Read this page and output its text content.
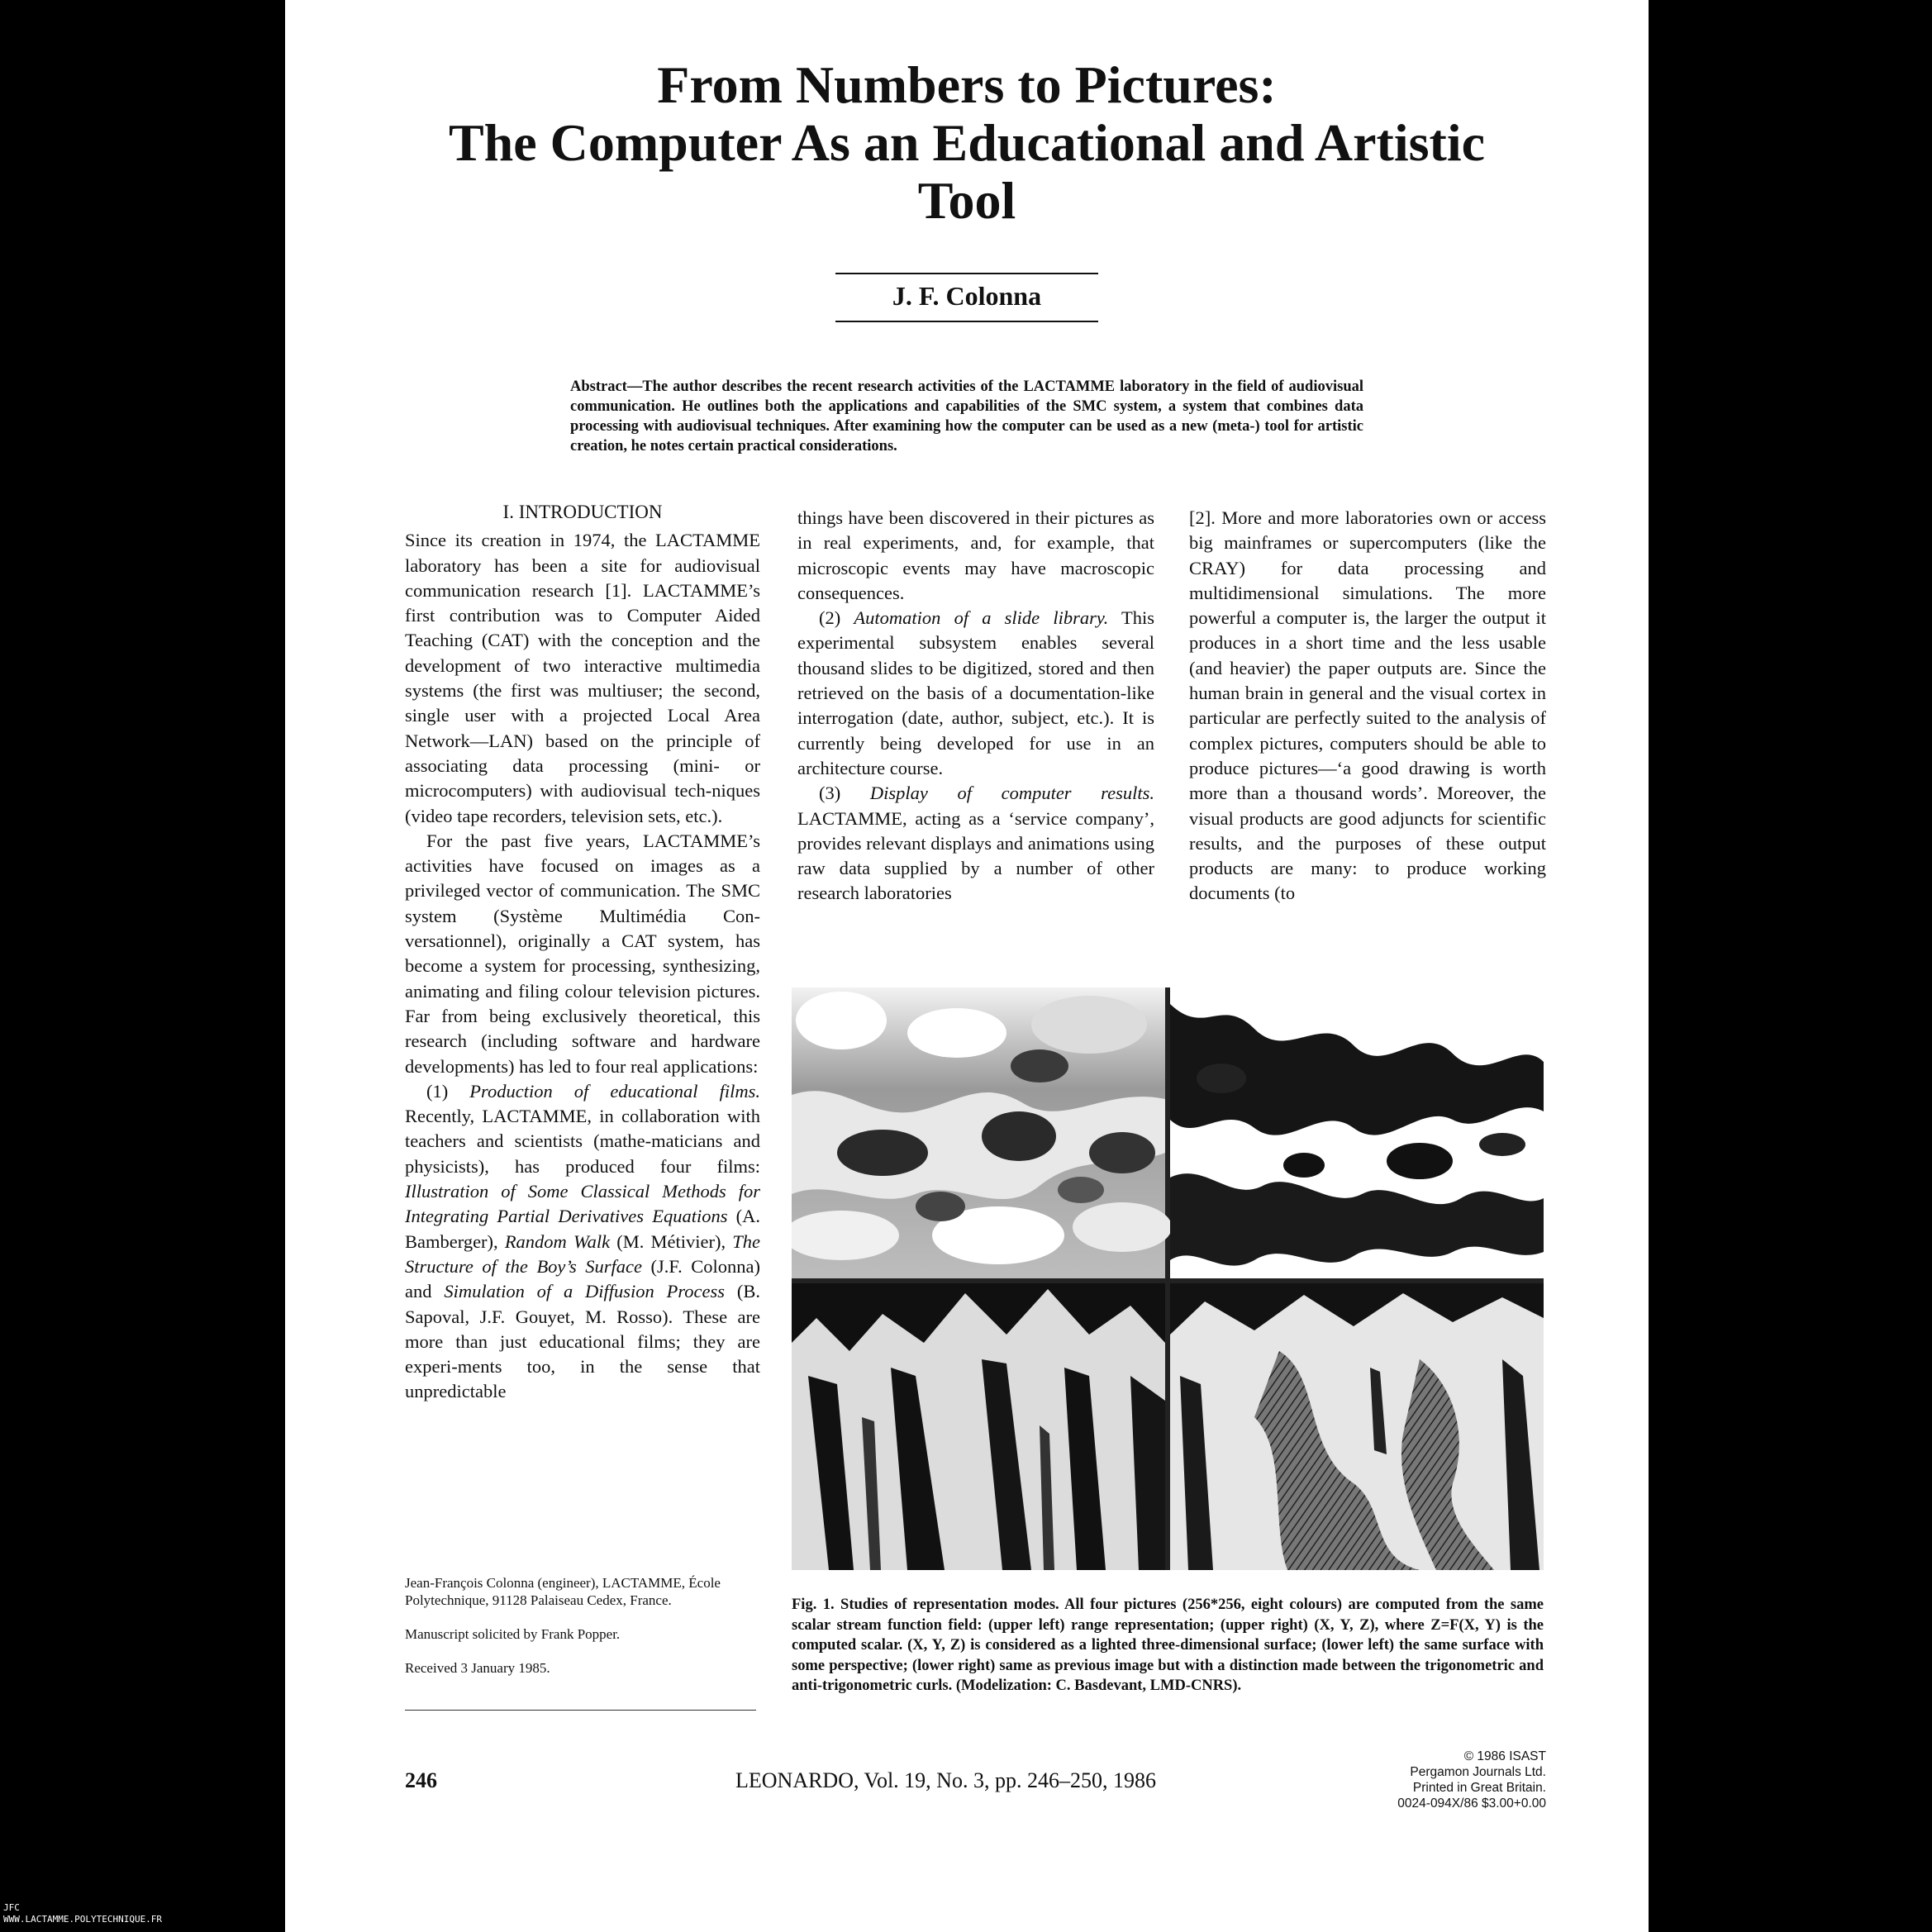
From Numbers to Pictures:
The Computer As an Educational and Artistic
Tool
J. F. Colonna
Abstract—The author describes the recent research activities of the LACTAMME laboratory in the field of audiovisual communication. He outlines both the applications and capabilities of the SMC system, a system that combines data processing with audiovisual techniques. After examining how the computer can be used as a new (meta-) tool for artistic creation, he notes certain practical considerations.
I. INTRODUCTION

Since its creation in 1974, the LACTAMME laboratory has been a site for audiovisual communication research [1]. LACTAMME’s first contribution was to Computer Aided Teaching (CAT) with the conception and the development of two interactive multimedia systems (the first was multiuser; the second, single user with a projected Local Area Network—LAN) based on the principle of associating data processing (mini- or microcomputers) with audiovisual tech-niques (video tape recorders, television sets, etc.).

For the past five years, LACTAMME’s activities have focused on images as a privileged vector of communication. The SMC system (Système Multimédia Con-versationnel), originally a CAT system, has become a system for processing, synthesizing, animating and filing colour television pictures. Far from being exclusively theoretical, this research (including software and hardware developments) has led to four real applications:

(1) Production of educational films. Recently, LACTAMME, in collaboration with teachers and scientists (mathe-maticians and physicists), has produced four films: Illustration of Some Classical Methods for Integrating Partial Derivatives Equations (A. Bamberger), Random Walk (M. Métivier), The Structure of the Boy’s Surface (J.F. Colonna) and Simulation of a Diffusion Process (B. Sapoval, J.F. Gouyet, M. Rosso). These are more than just educational films; they are experi-ments too, in the sense that unpredictable

things have been discovered in their pictures as in real experiments, and, for example, that microscopic events may have macroscopic consequences.

(2) Automation of a slide library. This experimental subsystem enables several thousand slides to be digitized, stored and then retrieved on the basis of a documentation-like interrogation (date, author, subject, etc.). It is currently being developed for use in an architecture course.

(3) Display of computer results. LACTAMME, acting as a ‘service company’, provides relevant displays and animations using raw data supplied by a number of other research laboratories

[2]. More and more laboratories own or access big mainframes or supercomputers (like the CRAY) for data processing and multidimensional simulations. The more powerful a computer is, the larger the output it produces in a short time and the less usable (and heavier) the paper outputs are. Since the human brain in general and the visual cortex in particular are perfectly suited to the analysis of complex pictures, computers should be able to produce pictures—‘a good drawing is worth more than a thousand words’. Moreover, the visual products are good adjuncts for scientific results, and the purposes of these output products are many: to produce working documents (to

Fig. 1. Studies of representation modes. All four pictures (256*256, eight colours) are computed from the same scalar stream function field: (upper left) range representation; (upper right) (X, Y, Z), where Z=F(X, Y) is the computed scalar. (X, Y, Z) is considered as a lighted three-dimensional surface; (lower left) the same surface with some perspective; (lower right) same as previous image but with a distinction made between the trigonometric and anti-trigonometric curls. (Modelization: C. Basdevant, LMD-CNRS).

Jean-François Colonna (engineer), LACTAMME, École Polytechnique, 91128 Palaiseau Cedex, France.

Manuscript solicited by Frank Popper.

Received 3 January 1985.

246	LEONARDO, Vol. 19, No. 3, pp. 246–250, 1986
© 1986 ISAST
Pergamon Journals Ltd.
Printed in Great Britain.
0024-094X/86 $3.00+0.00
JFC
WWW.LACTAMME.POLYTECHNIQUE.FR
